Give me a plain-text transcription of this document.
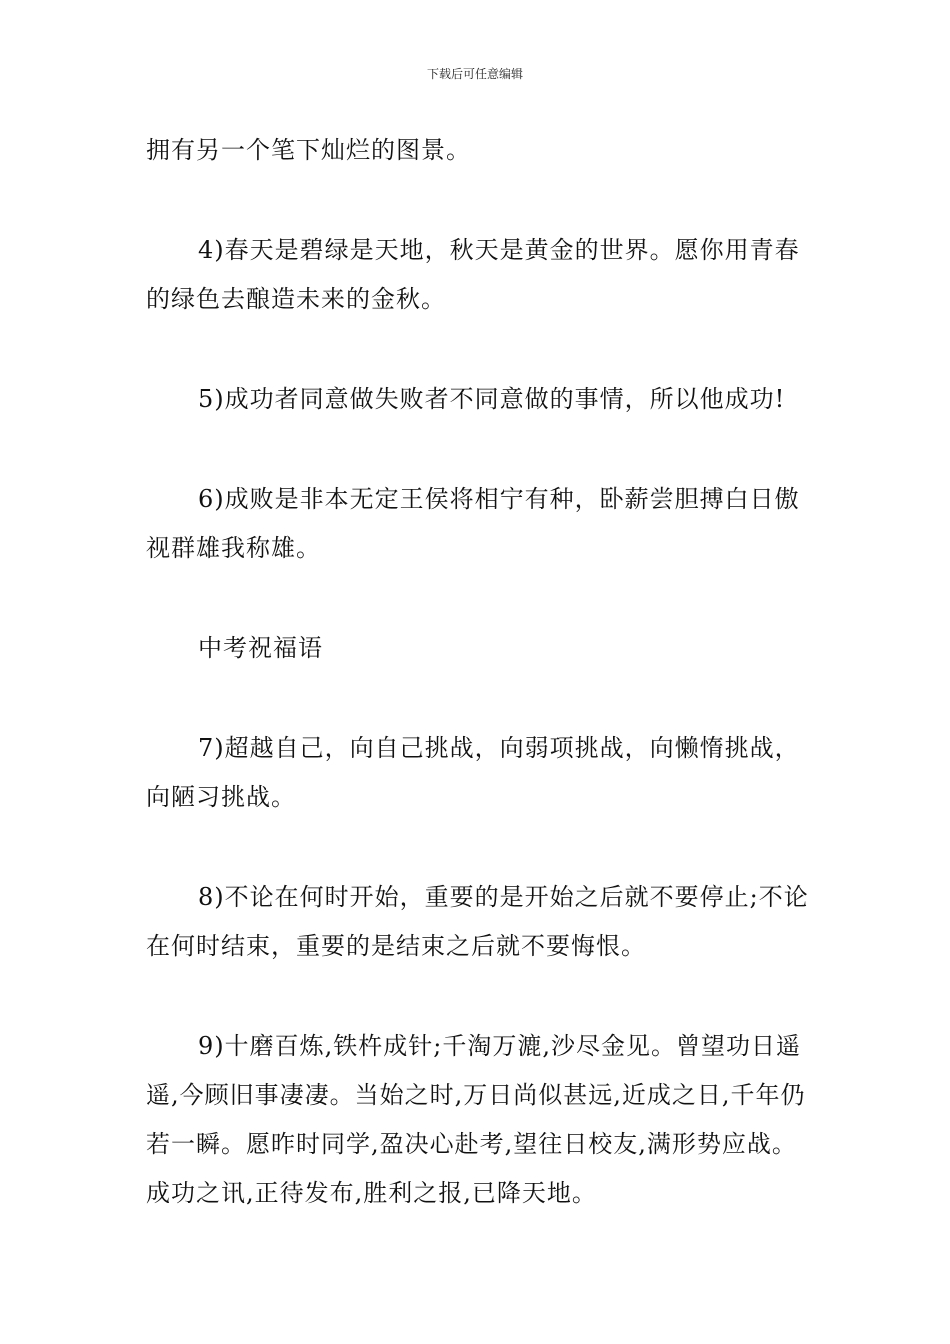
下载后可任意编辑

拥有另一个笔下灿烂的图景。

4)春天是碧绿是天地，秋天是黄金的世界。愿你用青春的绿色去酿造未来的金秋。

5)成功者同意做失败者不同意做的事情，所以他成功!

6)成败是非本无定王侯将相宁有种，卧薪尝胆搏白日傲视群雄我称雄。

中考祝福语

7)超越自己，向自己挑战，向弱项挑战，向懒惰挑战，向陋习挑战。

8)不论在何时开始，重要的是开始之后就不要停止;不论在何时结束，重要的是结束之后就不要悔恨。

9)十磨百炼,铁杵成针;千淘万漉,沙尽金见。曾望功日遥遥,今顾旧事凄凄。当始之时,万日尚似甚远,近成之日,千年仍若一瞬。愿昨时同学,盈决心赴考,望往日校友,满形势应战。成功之讯,正待发布,胜利之报,已降天地。
